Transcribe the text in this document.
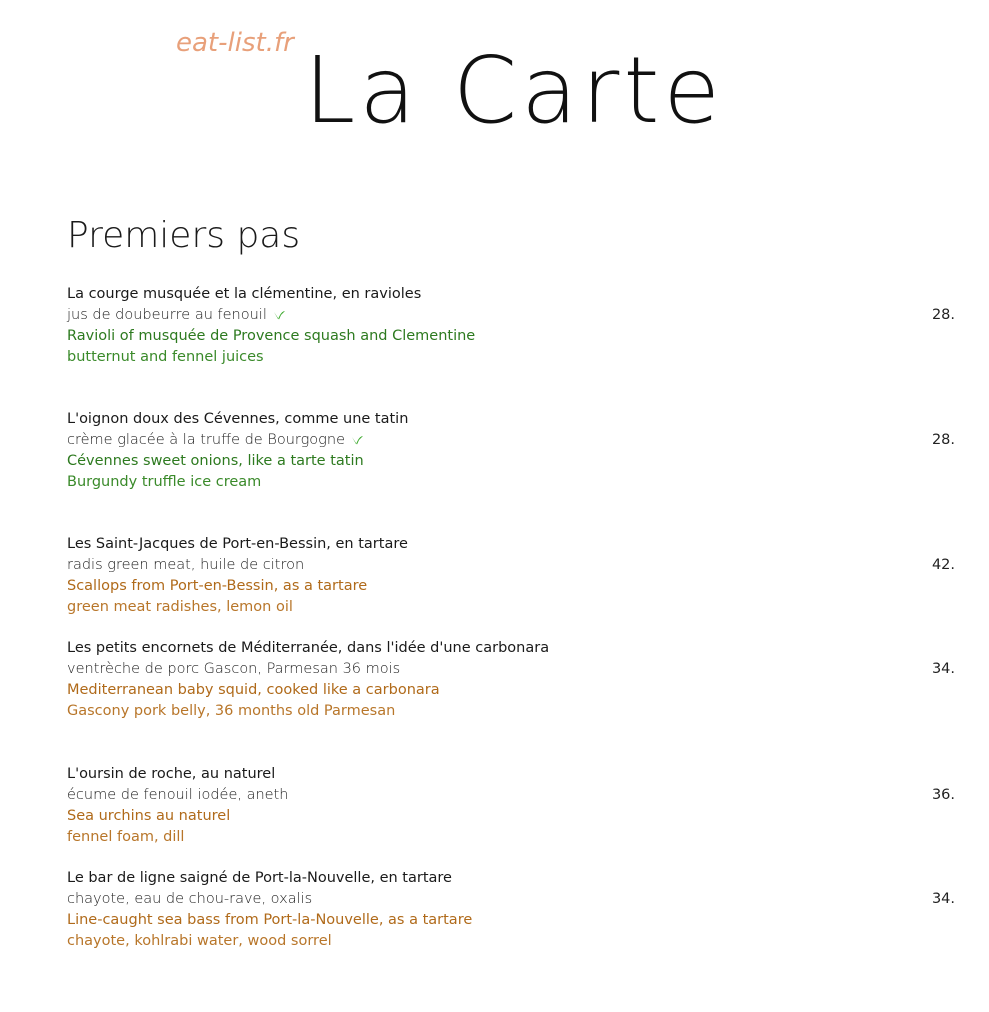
eat-list.fr La Carte
Premiers pas
La courge musquée et la clémentine, en ravioles
jus de doubeurre au fenouil
Ravioli of musquée de Provence squash and Clementine
butternut and fennel juices
28.
L'oignon doux des Cévennes, comme une tatin
crème glacée à la truffe de Bourgogne
Cévennes sweet onions, like a tarte tatin
Burgundy truffle ice cream
28.
Les Saint-Jacques de Port-en-Bessin, en tartare
radis green meat, huile de citron
Scallops from Port-en-Bessin, as a tartare
green meat radishes, lemon oil
42.
Les petits encornets de Méditerranée, dans l'idée d'une carbonara
ventrèche de porc Gascon, Parmesan 36 mois
Mediterranean baby squid, cooked like a carbonara
Gascony pork belly, 36 months old Parmesan
34.
L'oursin de roche, au naturel
écume de fenouil iodée, aneth
Sea urchins au naturel
fennel foam, dill
36.
Le bar de ligne saigné de Port-la-Nouvelle, en tartare
chayote, eau de chou-rave, oxalis
Line-caught sea bass from Port-la-Nouvelle, as a tartare
chayote, kohlrabi water, wood sorrel
34.
